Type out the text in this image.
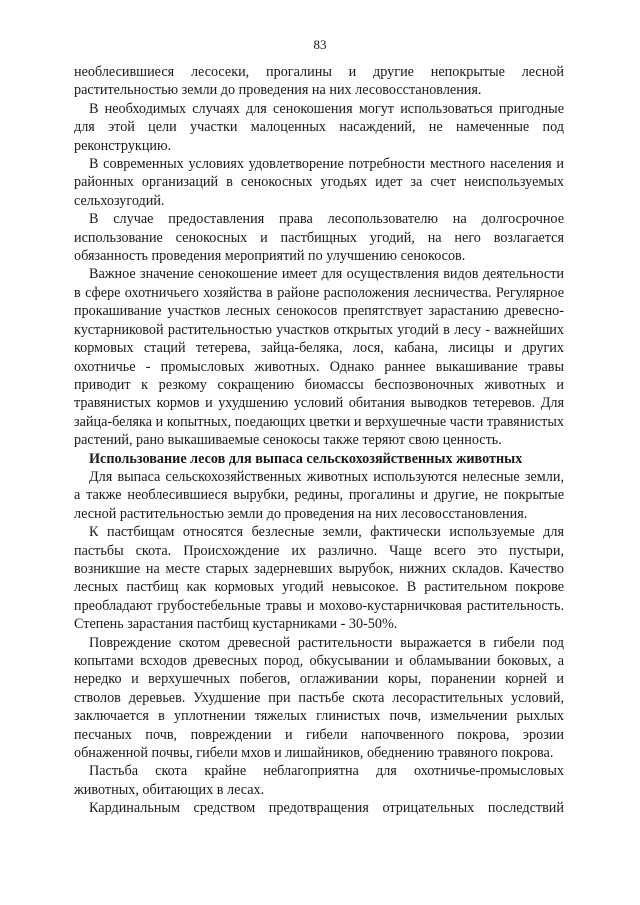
83

необлесившиеся лесосеки, прогалины и другие непокрытые лесной растительностью земли до проведения на них лесовосстановления.

В необходимых случаях для сенокошения могут использоваться пригодные для этой цели участки малоценных насаждений, не намеченные под реконструкцию.

В современных условиях удовлетворение потребности местного населения и районных организаций в сенокосных угодьях идет за счет неиспользуемых сельхозугодий.

В случае предоставления права лесопользователю на долгосрочное использование сенокосных и пастбищных угодий, на него возлагается обязанность проведения мероприятий по улучшению сенокосов.

Важное значение сенокошение имеет для осуществления видов деятельности в сфере охотничьего хозяйства в районе расположения лесничества. Регулярное прокашивание участков лесных сенокосов препятствует зарастанию древесно-кустарниковой растительностью участков открытых угодий в лесу - важнейших кормовых стаций тетерева, зайца-беляка, лося, кабана, лисицы и других охотничье - промысловых животных. Однако раннее выкашивание травы приводит к резкому сокращению биомассы беспозвоночных животных и травянистых кормов и ухудшению условий обитания выводков тетеревов. Для зайца-беляка и копытных, поедающих цветки и верхушечные части травянистых растений, рано выкашиваемые сенокосы также теряют свою ценность.

Использование лесов для выпаса сельскохозяйственных животных

Для выпаса сельскохозяйственных животных используются нелесные земли, а также необлесившиеся вырубки, редины, прогалины и другие, не покрытые лесной растительностью земли до проведения на них лесовосстановления.

К пастбищам относятся безлесные земли, фактически используемые для пастьбы скота. Происхождение их различно. Чаще всего это пустыри, возникшие на месте старых задерневших вырубок, нижних складов. Качество лесных пастбищ как кормовых угодий невысокое. В растительном покрове преобладают грубостебельные травы и мохово-кустарничковая растительность. Степень зарастания пастбищ кустарниками - 30-50%.

Повреждение скотом древесной растительности выражается в гибели под копытами всходов древесных пород, обкусывании и обламывании боковых, а нередко и верхушечных побегов, оглаживании коры, поранении корней и стволов деревьев. Ухудшение при пастьбе скота лесорастительных условий, заключается в уплотнении тяжелых глинистых почв, измельчении рыхлых песчаных почв, повреждении и гибели напочвенного покрова, эрозии обнаженной почвы, гибели мхов и лишайников, обеднению травяного покрова.

Пастьба скота крайне неблагоприятна для охотничье-промысловых животных, обитающих в лесах.

Кардинальным средством предотвращения отрицательных последствий
